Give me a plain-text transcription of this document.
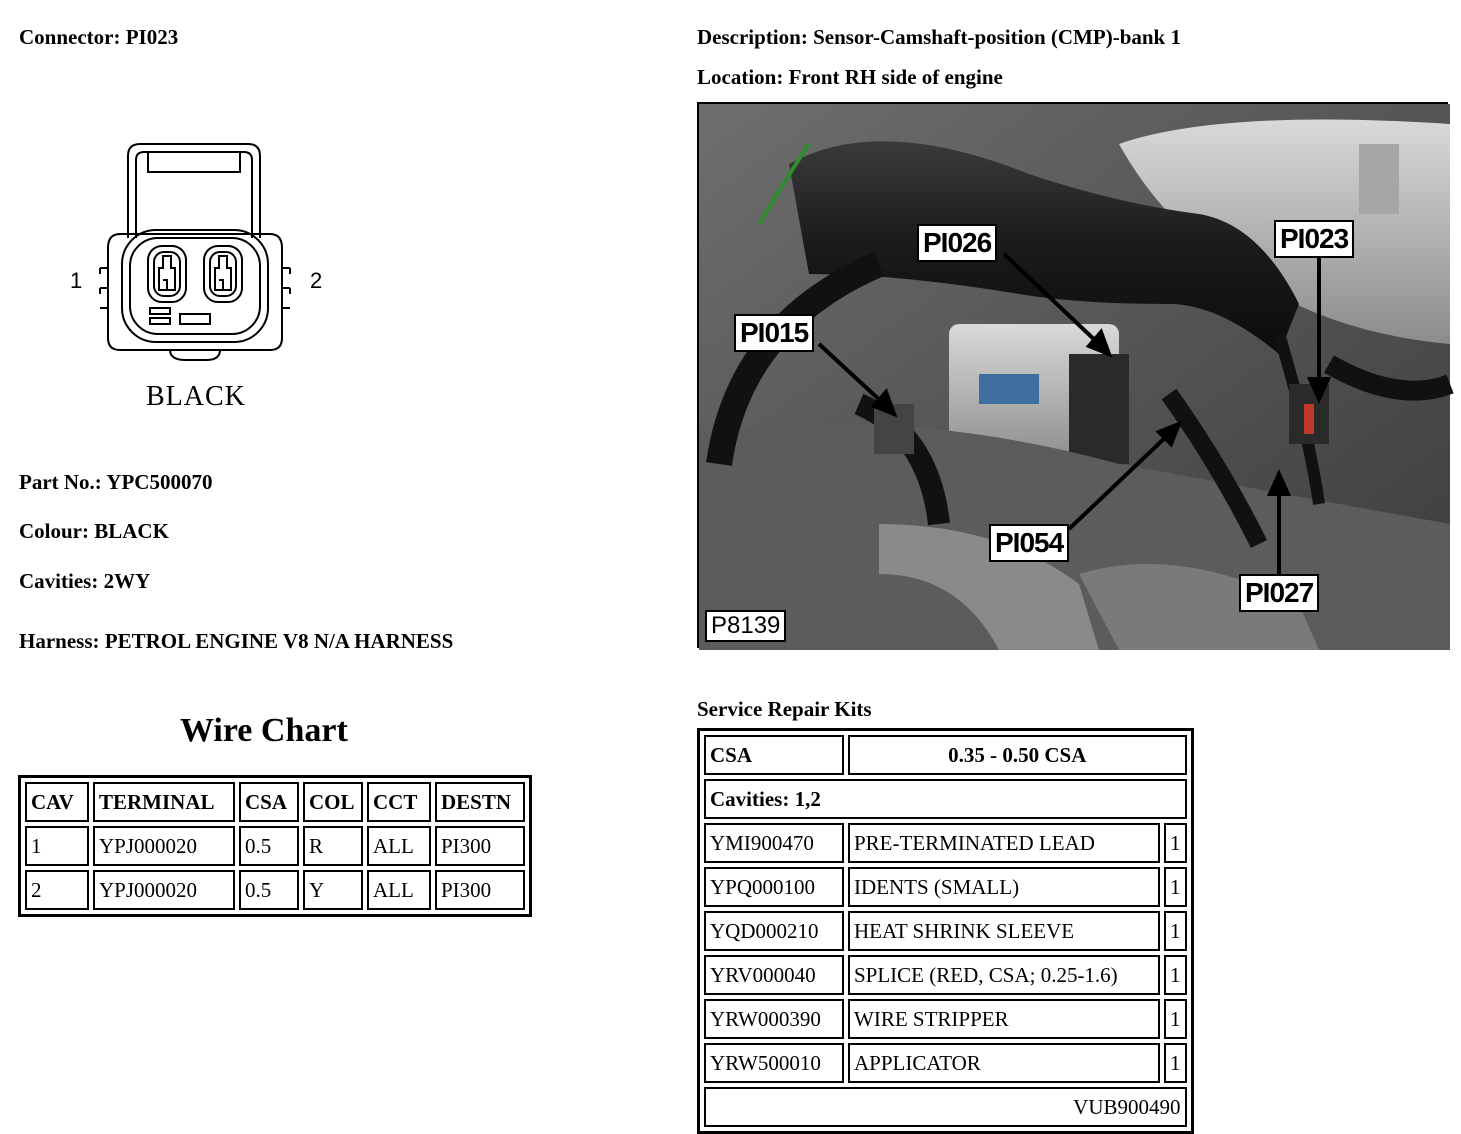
Connector: PI023	Description: Sensor-Camshaft-position (CMP)-bank 1
Location: Front RH side of engine
1	2
BLACK
Part No.: YPC500070
Colour: BLACK
Cavities: 2WY
Harness: PETROL ENGINE V8 N/A HARNESS
Wire Chart
CAV	TERMINAL	CSA	COL	CCT	DESTN
1	YPJ000020	0.5	R	ALL	PI300
2	YPJ000020	0.5	Y	ALL	PI300
PI026	PI023
PI015
PI054
PI027
P8139
Service Repair Kits
CSA	0.35 - 0.50 CSA	
Cavities: 1,2		
YMI900470	PRE-TERMINATED LEAD	1
YPQ000100	IDENTS (SMALL)	1
YQD000210	HEAT SHRINK SLEEVE	1
YRV000040	SPLICE (RED, CSA; 0.25-1.6)	1
YRW000390	WIRE STRIPPER	1
YRW500010	APPLICATOR	1
VUB900490		
